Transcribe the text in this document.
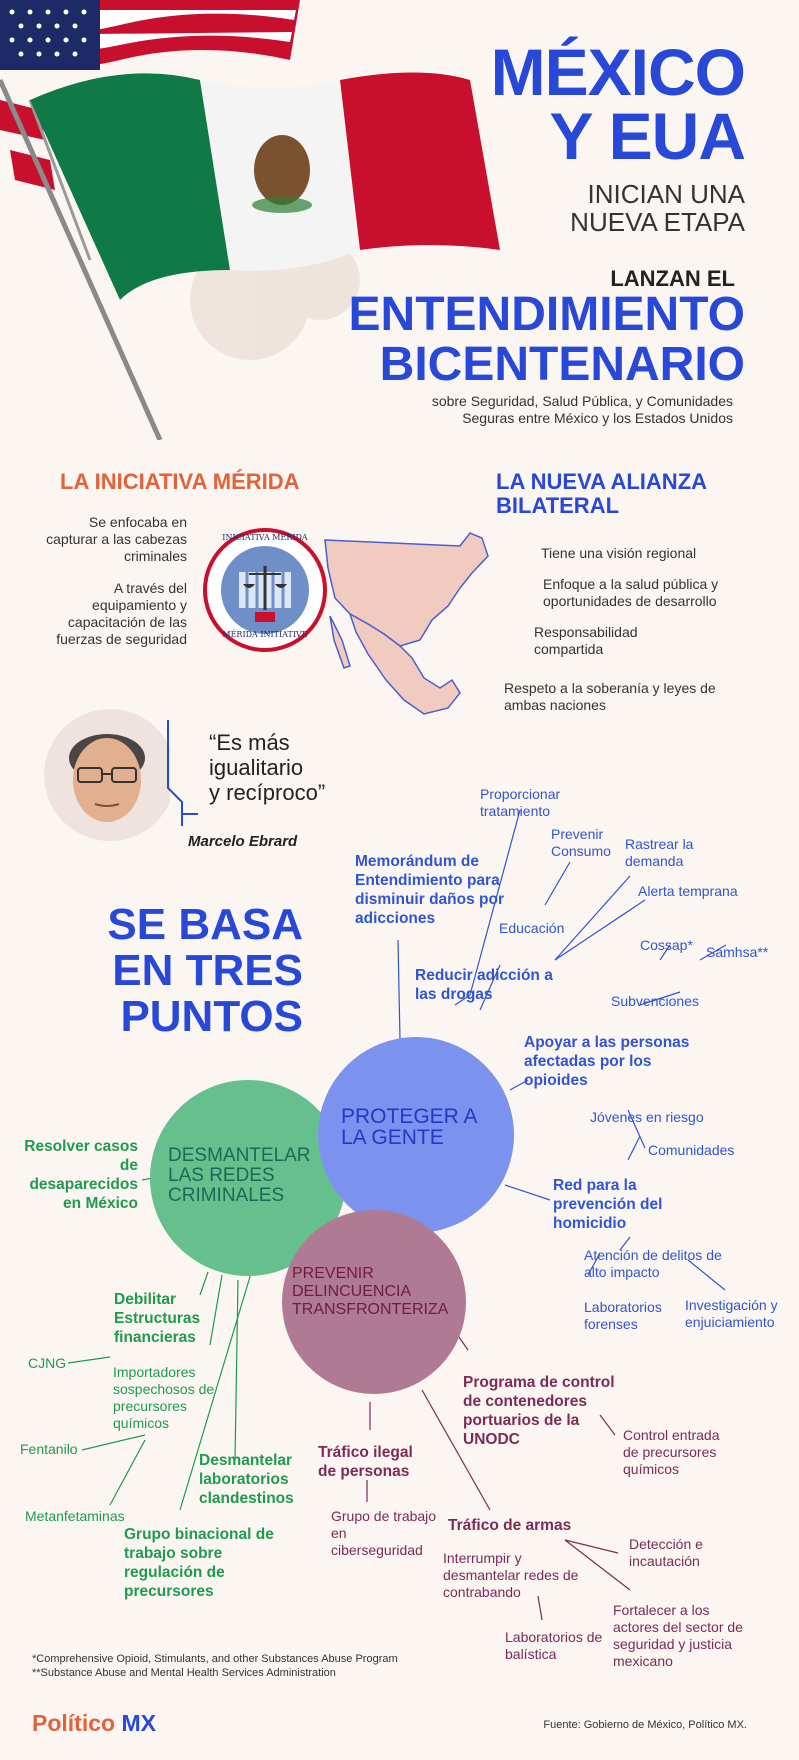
MÉXICO
Y EUA
INICIAN UNA
NUEVA ETAPA
LANZAN EL
ENTENDIMIENTO
BICENTENARIO
sobre Seguridad, Salud Pública, y Comunidades
Seguras entre México y los Estados Unidos
LA INICIATIVA MÉRIDA
Se enfocaba en capturar a las cabezas criminales
A través del equipamiento y capacitación de las fuerzas de seguridad
INICIATIVA MÉRIDA
MÉRIDA INITIATIVE
LA NUEVA ALIANZA
BILATERAL
Tiene una visión regional
Enfoque a la salud pública y oportunidades de desarrollo
Responsabilidad compartida
Respeto a la soberanía y leyes de ambas naciones
“Es más
igualitario
y recíproco”
Marcelo Ebrard
SE BASA
EN TRES
PUNTOS
PROTEGER A LA GENTE
DESMANTELAR LAS REDES CRIMINALES
PREVENIR DELINCUENCIA TRANSFRONTERIZA
Memorándum de Entendimiento para disminuir daños por adicciones
Proporcionar tratamiento
Prevenir Consumo	Rastrear la demanda
Alerta temprana
Educación
Reducir adicción a las drogas
Cossap* Samhsa**
Subvenciones
Apoyar a las personas afectadas por los opioides
Jóvenes en riesgo
Comunidades
Red para la prevención del homicidio
Atención de delitos de alto impacto
Laboratorios forenses
Investigación y enjuiciamiento
Resolver casos de desaparecidos en México
Debilitar Estructuras financieras
CJNG
Importadores sospechosos de precursores químicos
Fentanilo
Metanfetaminas
Desmantelar laboratorios clandestinos
Grupo binacional de trabajo sobre regulación de precursores
Programa de control de contenedores portuarios de la UNODC	Control entrada de precursores químicos
Tráfico ilegal de personas
Grupo de trabajo en ciberseguridad
Tráfico de armas
Detección e incautación
Interrumpir y desmantelar redes de contrabando
Fortalecer a los actores del sector de seguridad y justicia mexicano
Laboratorios de balística
*Comprehensive Opioid, Stimulants, and other Substances Abuse Program
**Substance Abuse and Mental Health Services Administration
Político MX	Fuente: Gobierno de México, Político MX.
